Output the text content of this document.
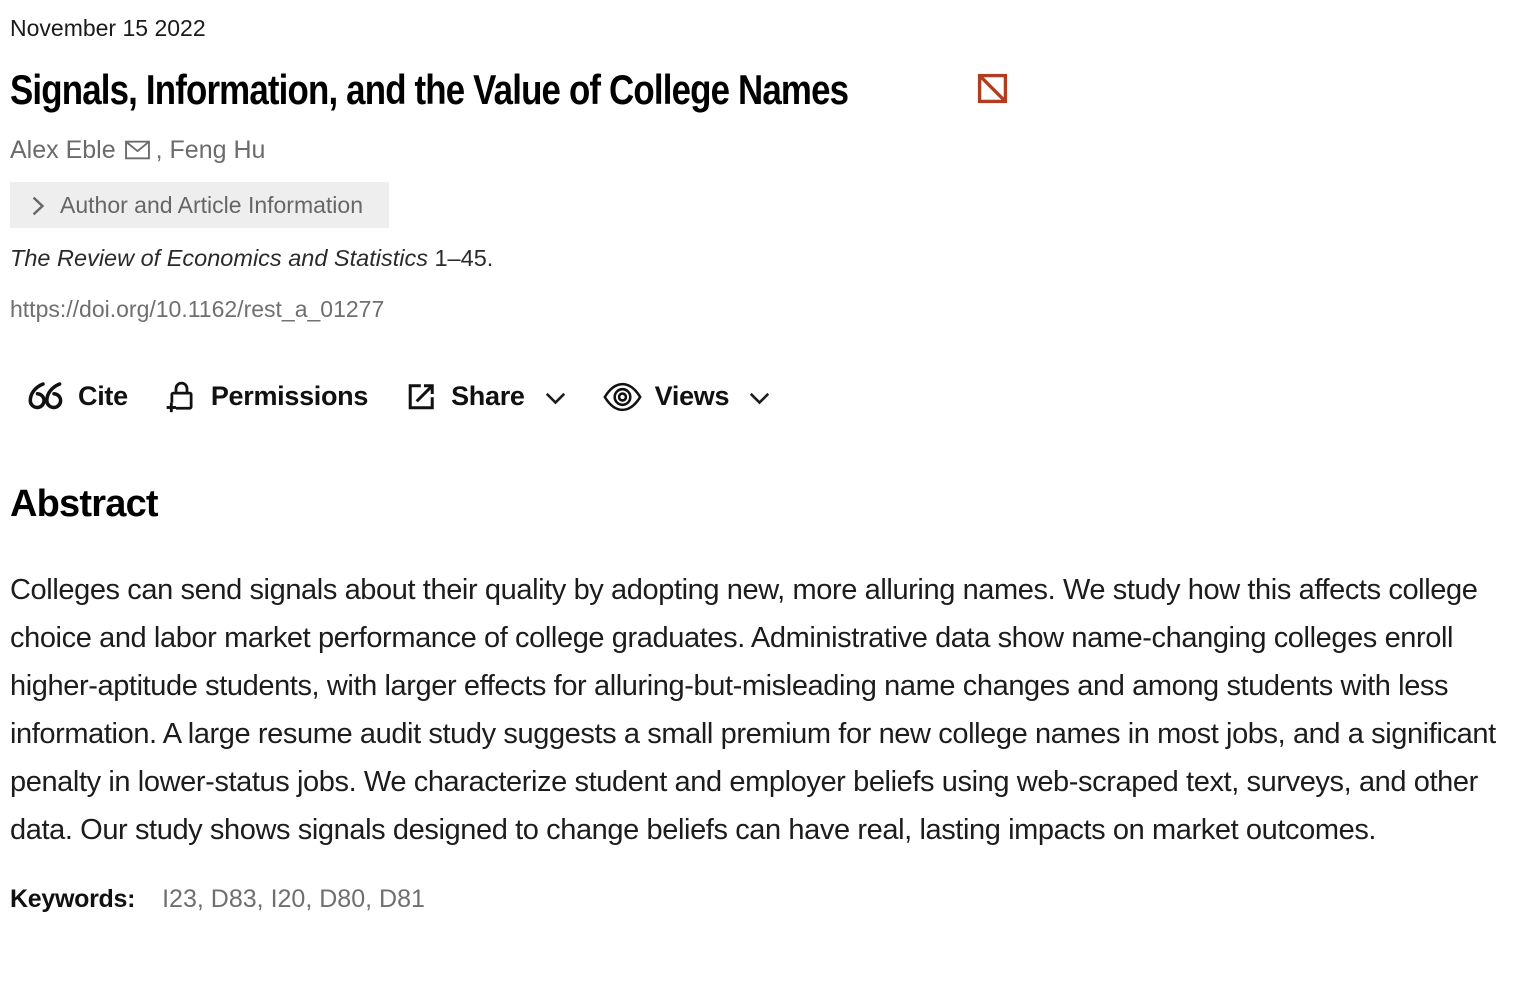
November 15 2022
Signals, Information, and the Value of College Names
Alex Eble , Feng Hu
Author and Article Information
The Review of Economics and Statistics 1–45.
https://doi.org/10.1162/rest_a_01277
Cite	Permissions	Share	Views
Abstract

Colleges can send signals about their quality by adopting new, more alluring names. We study how this affects college choice and labor market performance of college graduates. Administrative data show name-changing colleges enroll higher-aptitude students, with larger effects for alluring-but-misleading name changes and among students with less information. A large resume audit study suggests a small premium for new college names in most jobs, and a significant penalty in lower-status jobs. We characterize student and employer beliefs using web-scraped text, surveys, and other data. Our study shows signals designed to change beliefs can have real, lasting impacts on market outcomes.

Keywords: I23, D83, I20, D80, D81
